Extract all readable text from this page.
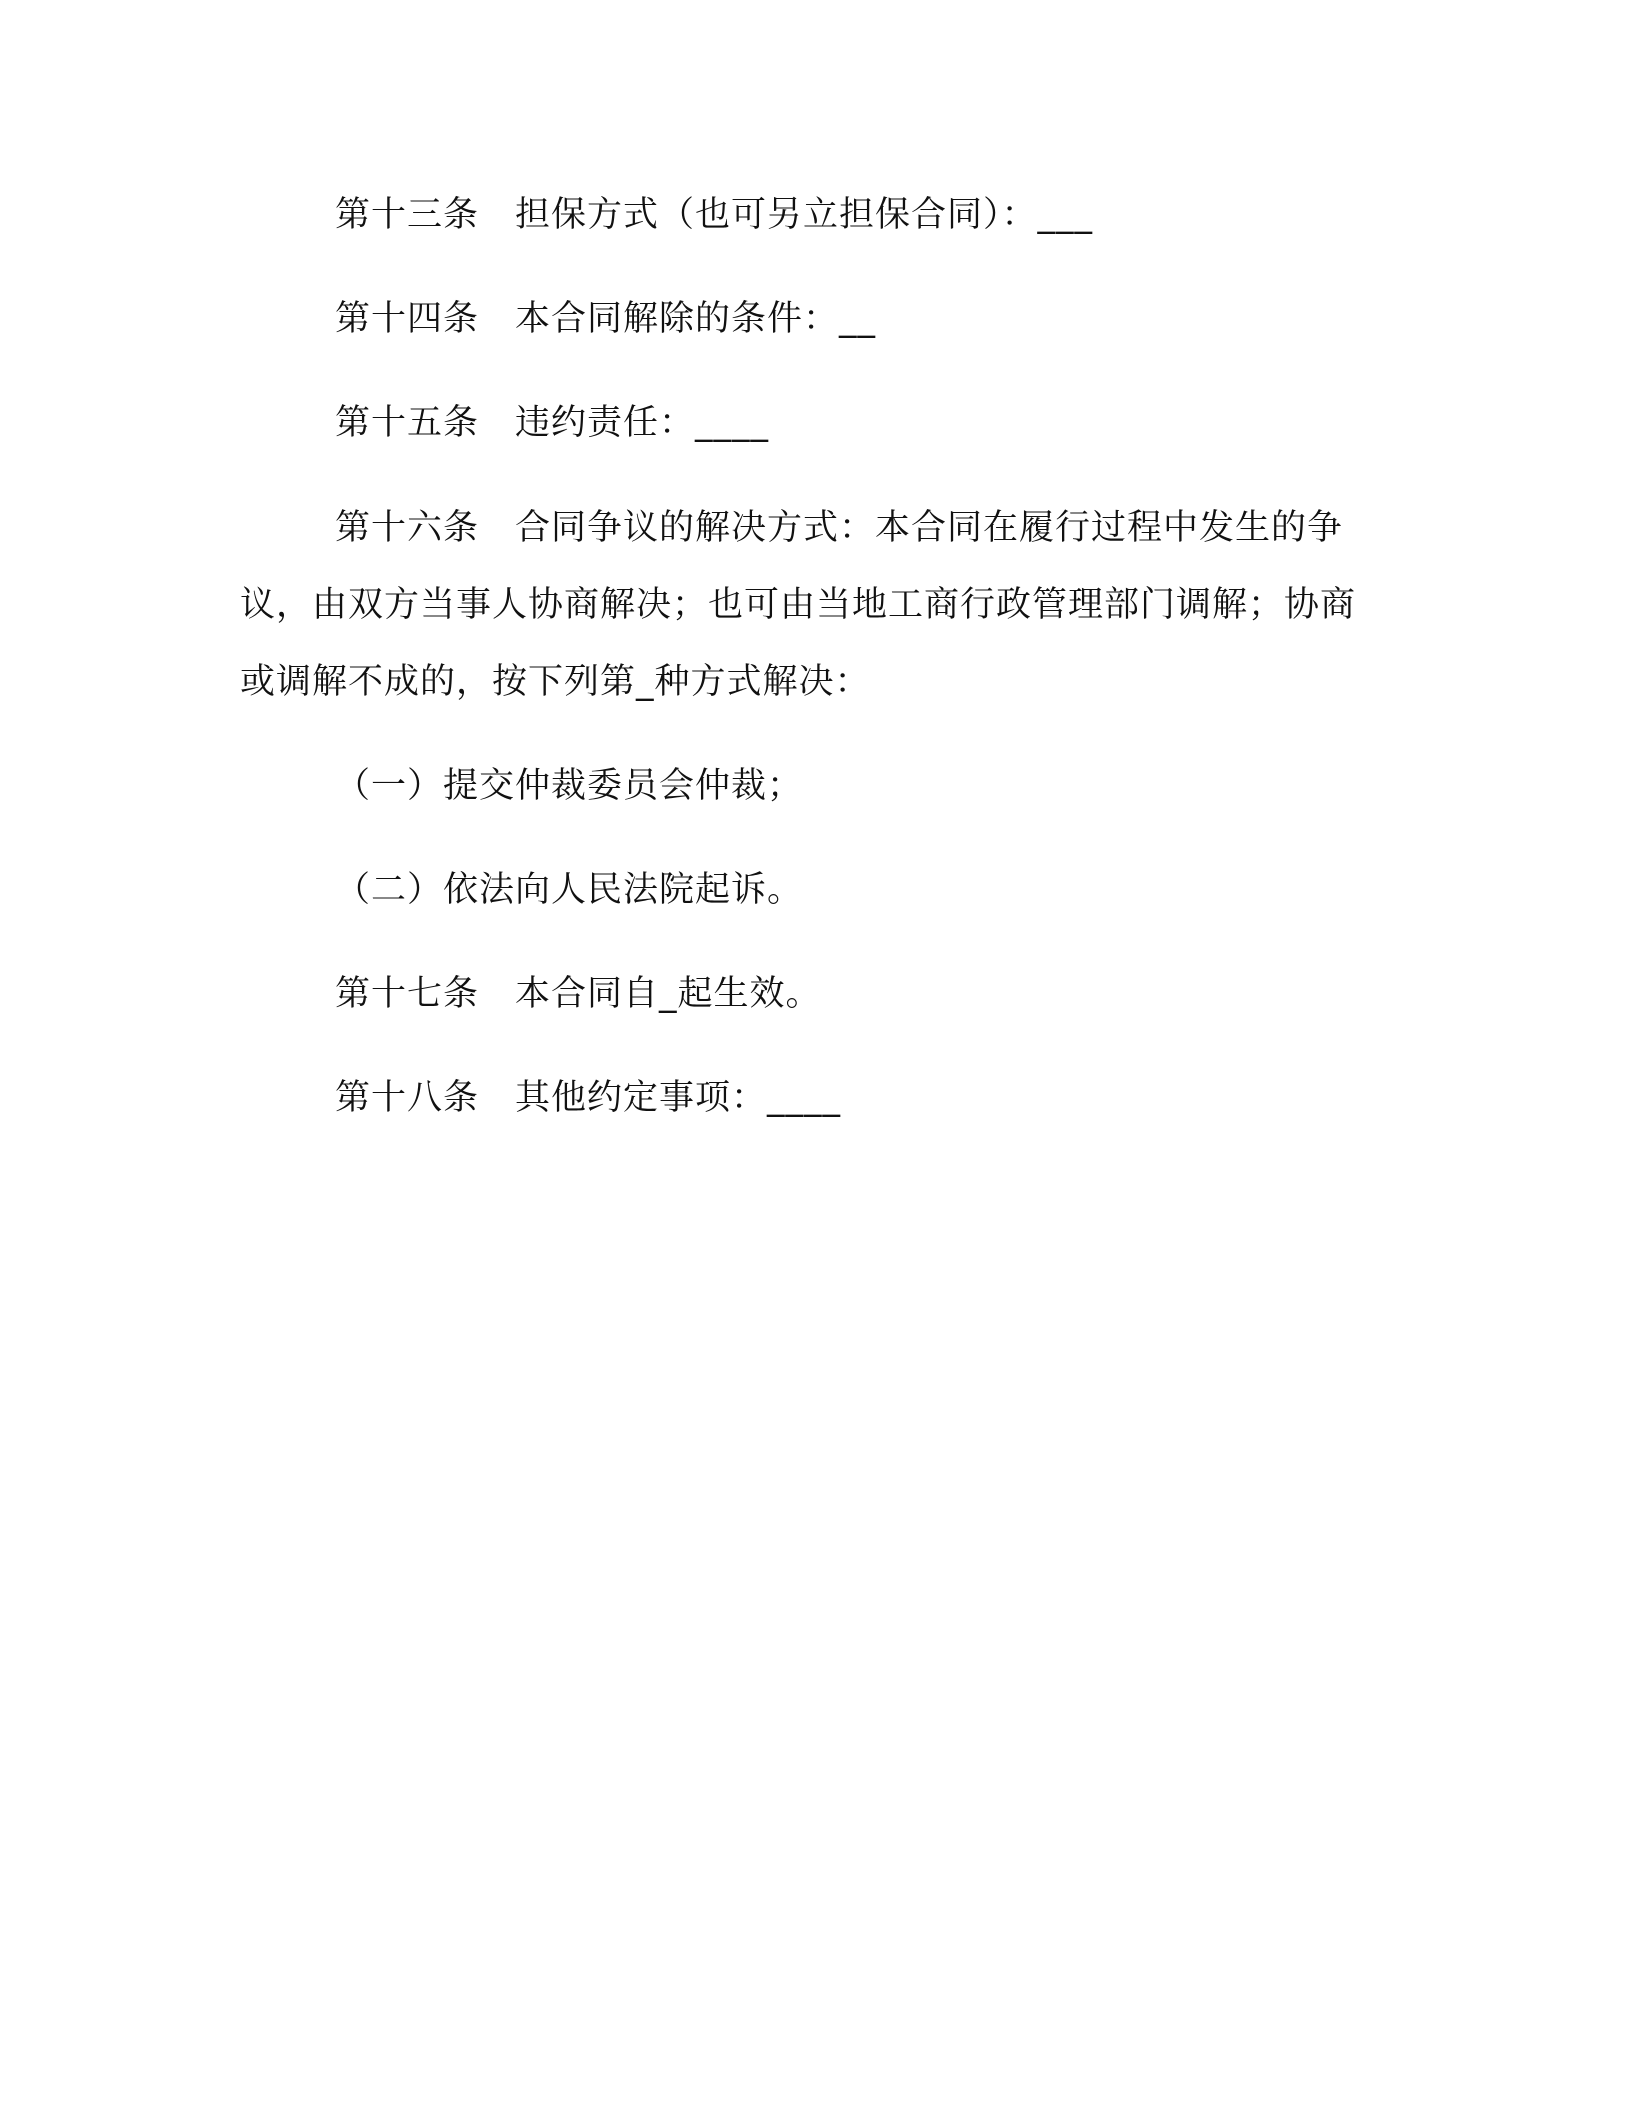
第十三条 担保方式（也可另立担保合同）：___

第十四条 本合同解除的条件：__

第十五条 违约责任：____

第十六条 合同争议的解决方式：本合同在履行过程中发生的争议，由双方当事人协商解决；也可由当地工商行政管理部门调解；协商或调解不成的，按下列第_种方式解决：

（一）提交仲裁委员会仲裁；

（二）依法向人民法院起诉。

第十七条 本合同自_起生效。

第十八条 其他约定事项：____
